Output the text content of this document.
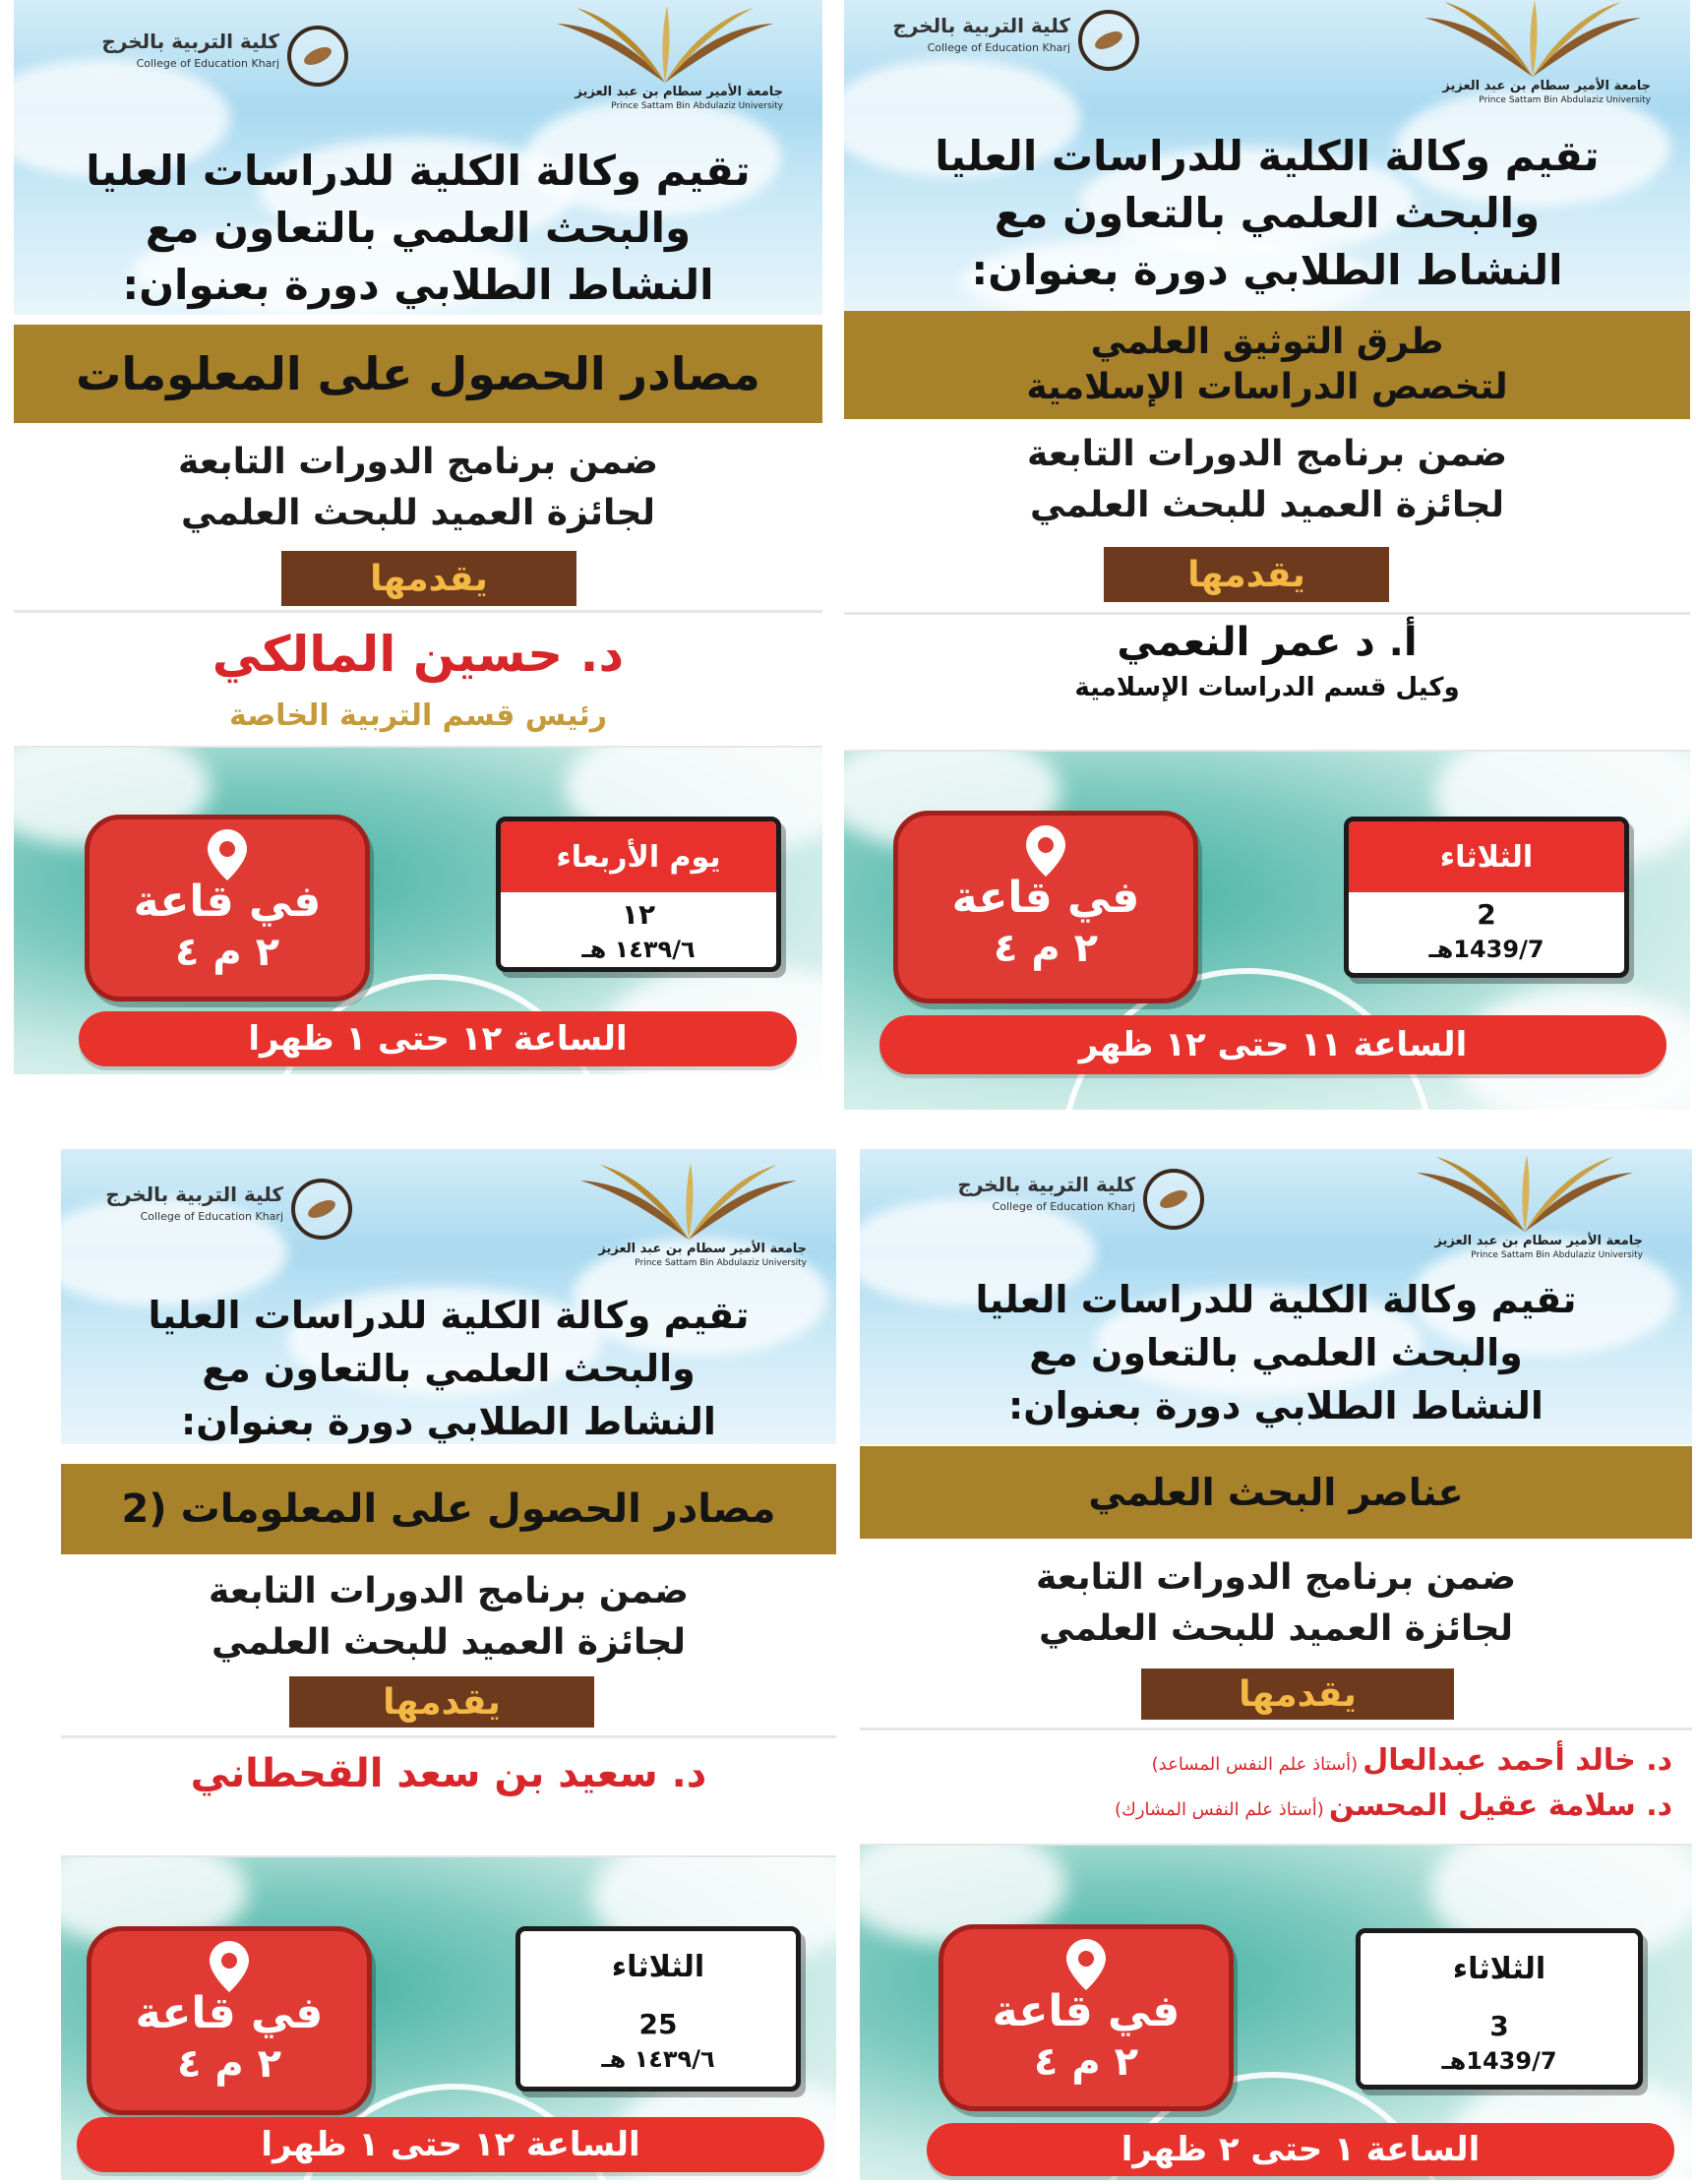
كلية التربية بالخرج
College of Education Kharj
جامعة الأمير سطام بن عبد العزيز
Prince Sattam Bin Abdulaziz University
تقيم وكالة الكلية للدراسات العليا
والبحث العلمي بالتعاون مع
النشاط الطلابي دورة بعنوان:
مصادر الحصول على المعلومات
ضمن برنامج الدورات التابعة
لجائزة العميد للبحث العلمي
يقدمها
د. حسين المالكي
رئيس قسم التربية الخاصة
في قاعة
٢ م ٤
يوم الأربعاء
١٢
١٤٣٩/٦ هـ
الساعة ١٢ حتى ١ ظهرا
كلية التربية بالخرج
College of Education Kharj
جامعة الأمير سطام بن عبد العزيز
Prince Sattam Bin Abdulaziz University
تقيم وكالة الكلية للدراسات العليا
والبحث العلمي بالتعاون مع
النشاط الطلابي دورة بعنوان:
طرق التوثيق العلمي
لتخصص الدراسات الإسلامية
ضمن برنامج الدورات التابعة
لجائزة العميد للبحث العلمي
يقدمها
أ. د عمر النعمي
وكيل قسم الدراسات الإسلامية
في قاعة
٢ م ٤
الثلاثاء
2
1439/7هـ
الساعة ١١ حتى ١٢ ظهر
كلية التربية بالخرج
College of Education Kharj
جامعة الأمير سطام بن عبد العزيز
Prince Sattam Bin Abdulaziz University
تقيم وكالة الكلية للدراسات العليا
والبحث العلمي بالتعاون مع
النشاط الطلابي دورة بعنوان:
مصادر الحصول على المعلومات (2
ضمن برنامج الدورات التابعة
لجائزة العميد للبحث العلمي
يقدمها
د. سعيد بن سعد القحطاني
في قاعة
٢ م ٤
الثلاثاء
25
١٤٣٩/٦ هـ
الساعة ١٢ حتى ١ ظهرا
كلية التربية بالخرج
College of Education Kharj
جامعة الأمير سطام بن عبد العزيز
Prince Sattam Bin Abdulaziz University
تقيم وكالة الكلية للدراسات العليا
والبحث العلمي بالتعاون مع
النشاط الطلابي دورة بعنوان:
عناصر البحث العلمي
ضمن برنامج الدورات التابعة
لجائزة العميد للبحث العلمي
يقدمها
د. خالد أحمد عبدالعال (أستاذ علم النفس المساعد)
د. سلامة عقيل المحسن (أستاذ علم النفس المشارك)
في قاعة
٢ م ٤
الثلاثاء
3
1439/7هـ
الساعة ١ حتى ٢ ظهرا
